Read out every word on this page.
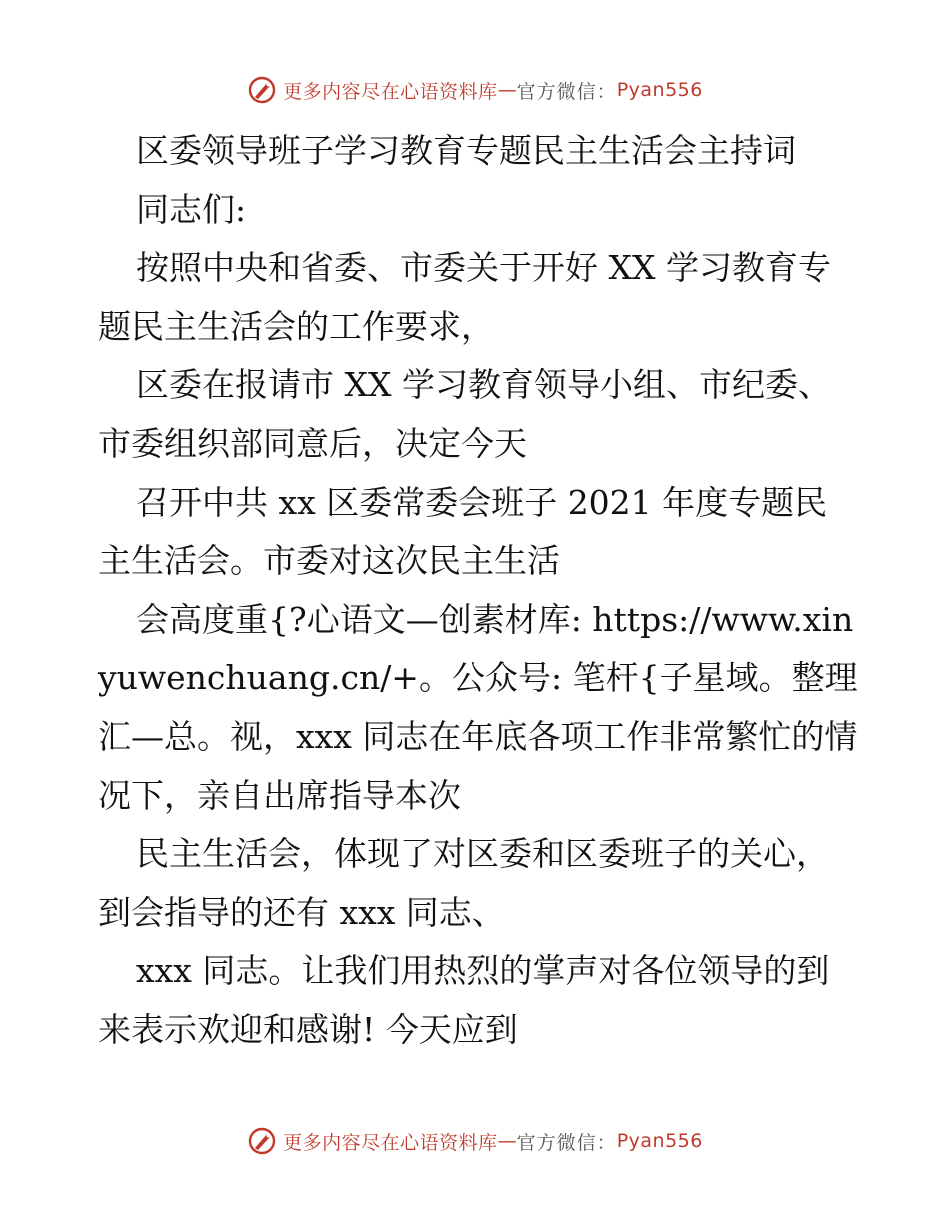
更多内容尽在心语资料库 — 官方微信： Pyan556

区委领导班子学习教育专题民主生活会主持词

同志们:

按照中央和省委、市委关于开好 XX 学习教育专题民主生活会的工作要求，

区委在报请市 XX 学习教育领导小组、市纪委、市委组织部同意后，决定今天

召开中共 xx 区委常委会班子 2021 年度专题民主生活会。市委对这次民主生活

会高度重{?心语文—创素材库: https://www.xinyuwenchuang.cn/+。公众号: 笔杆{子星域。整理汇—总。视，xxx 同志在年底各项工作非常繁忙的情况下，亲自出席指导本次

民主生活会，体现了对区委和区委班子的关心，到会指导的还有 xxx 同志、

xxx 同志。让我们用热烈的掌声对各位领导的到来表示欢迎和感谢! 今天应到

更多内容尽在心语资料库 — 官方微信： Pyan556
